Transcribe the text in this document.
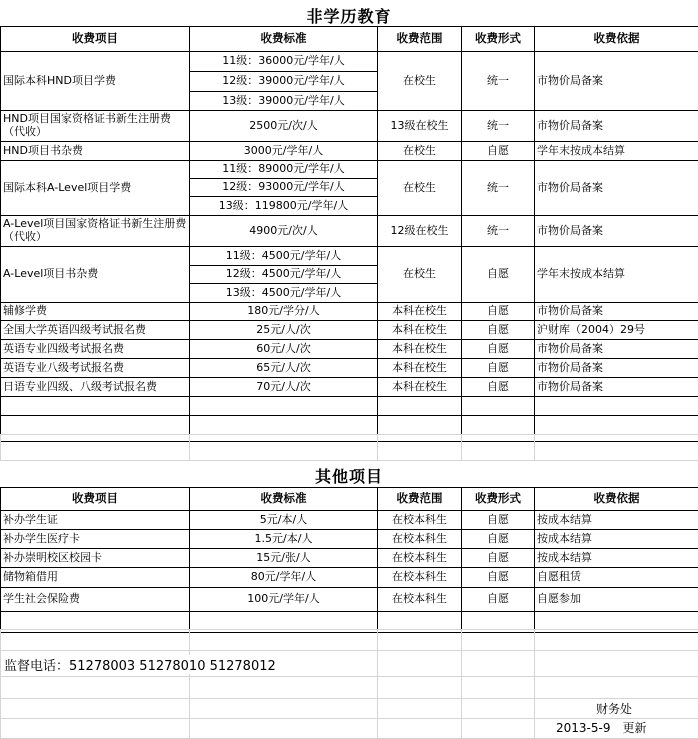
非学历教育
收费项目	收费标准	收费范围	收费形式	收费依据
国际本科HND项目学费	11级：36000元/学年/人	在校生	统一	市物价局备案
	12级：39000元/学年/人			
	13级：39000元/学年/人			
HND项目国家资格证书新生注册费（代收）	2500元/次/人	13级在校生	统一	市物价局备案
HND项目书杂费	3000元/学年/人	在校生	自愿	学年末按成本结算
国际本科A-Level项目学费	11级：89000元/学年/人	在校生	统一	市物价局备案
	12级：93000元/学年/人			
	13级：119800元/学年/人			
A-Level项目国家资格证书新生注册费（代收）	4900元/次/人	12级在校生	统一	市物价局备案
A-Level项目书杂费	11级：4500元/学年/人	在校生	自愿	学年末按成本结算
	12级：4500元/学年/人			
	13级：4500元/学年/人			
辅修学费	180元/学分/人	本科在校生	自愿	市物价局备案
全国大学英语四级考试报名费	25元/人/次	本科在校生	自愿	沪财库（2004）29号
英语专业四级考试报名费	60元/人/次	本科在校生	自愿	市物价局备案
英语专业八级考试报名费	65元/人/次	本科在校生	自愿	市物价局备案
日语专业四级、八级考试报名费	70元/人/次	本科在校生	自愿	市物价局备案

其他项目
收费项目	收费标准	收费范围	收费形式	收费依据
补办学生证	5元/本/人	在校本科生	自愿	按成本结算
补办学生医疗卡	1.5元/本/人	在校本科生	自愿	按成本结算
补办崇明校区校园卡	15元/张/人	在校本科生	自愿	按成本结算
储物箱借用	80元/学年/人	在校本科生	自愿	自愿租赁
学生社会保险费	100元/学年/人	在校本科生	自愿	自愿参加

监督电话：51278003 51278010 51278012
财务处
2013-5-9　更新
